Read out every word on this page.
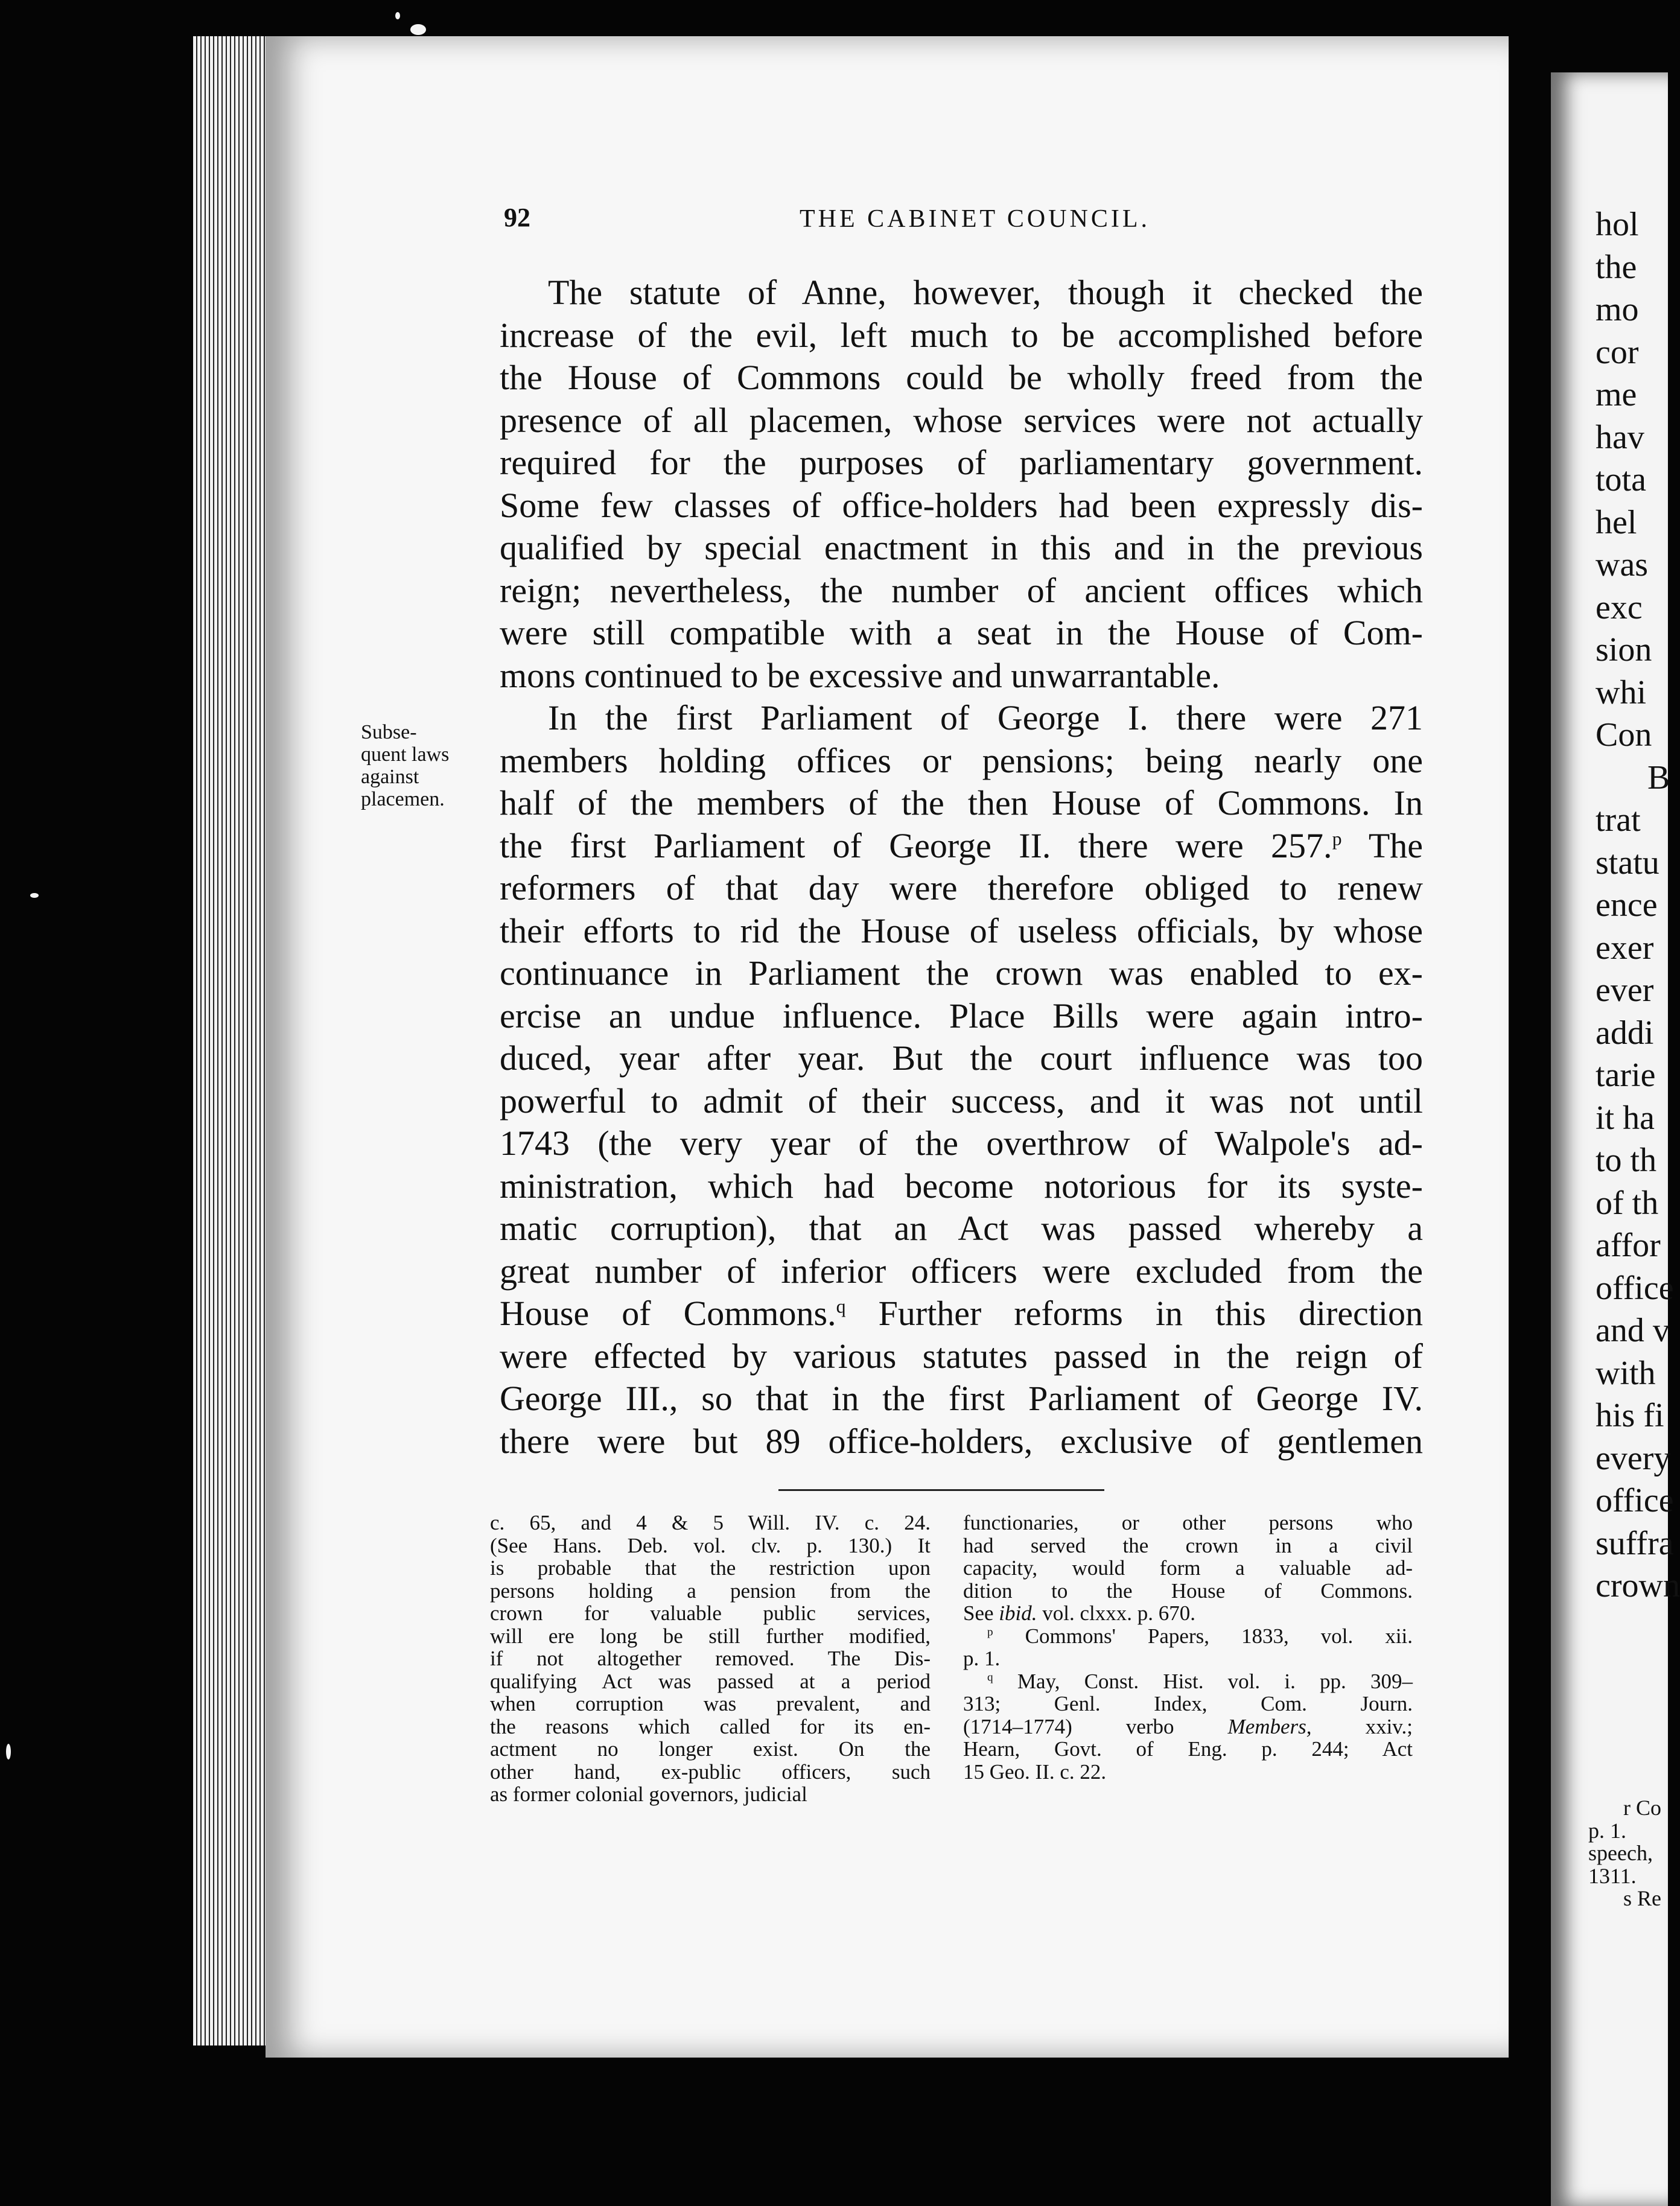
hol
the
mo
cor
me
hav
tota
hel
was
exc
sion
whi
Con
B
trat
statu
ence
exer
ever
addi
tarie
it ha
to th
of th
affor
office
and v
with
his fi
every
office
suffra
crown
r Co
p. 1.
speech,
1311.
s Re
92	THE CABINET COUNCIL.
Subse-
quent laws
against
placemen.
The statute of Anne, however, though it checked the
increase of the evil, left much to be accomplished before
the House of Commons could be wholly freed from the
presence of all placemen, whose services were not actually
required for the purposes of parliamentary government.
Some few classes of office-holders had been expressly dis-
qualified by special enactment in this and in the previous
reign; nevertheless, the number of ancient offices which
were still compatible with a seat in the House of Com-
mons continued to be excessive and unwarrantable.
In the first Parliament of George I. there were 271
members holding offices or pensions; being nearly one
half of the members of the then House of Commons. In
the first Parliament of George II. there were 257.$^p$ The
reformers of that day were therefore obliged to renew
their efforts to rid the House of useless officials, by whose
continuance in Parliament the crown was enabled to ex-
ercise an undue influence. Place Bills were again intro-
duced, year after year. But the court influence was too
powerful to admit of their success, and it was not until
1743 (the very year of the overthrow of Walpole's ad-
ministration, which had become notorious for its syste-
matic corruption), that an Act was passed whereby a
great number of inferior officers were excluded from the
House of Commons.$^q$ Further reforms in this direction
were effected by various statutes passed in the reign of
George III., so that in the first Parliament of George IV.
there were but 89 office-holders, exclusive of gentlemen
c. 65, and 4 & 5 Will. IV. c. 24.
(See Hans. Deb. vol. clv. p. 130.) It
is probable that the restriction upon
persons holding a pension from the
crown for valuable public services,
will ere long be still further modified,
if not altogether removed. The Dis-
qualifying Act was passed at a period
when corruption was prevalent, and
the reasons which called for its en-
actment no longer exist. On the
other hand, ex-public officers, such
as former colonial governors, judicial
functionaries, or other persons who
had served the crown in a civil
capacity, would form a valuable ad-
dition to the House of Commons.
See ibid. vol. clxxx. p. 670.
$^p$ Commons' Papers, 1833, vol. xii.
p. 1.
$^q$ May, Const. Hist. vol. i. pp. 309–
313; Genl. Index, Com. Journ.
(1714–1774) verbo	Members,	xxiv.;
Hearn, Govt. of Eng. p. 244; Act
15 Geo. II. c. 22.
